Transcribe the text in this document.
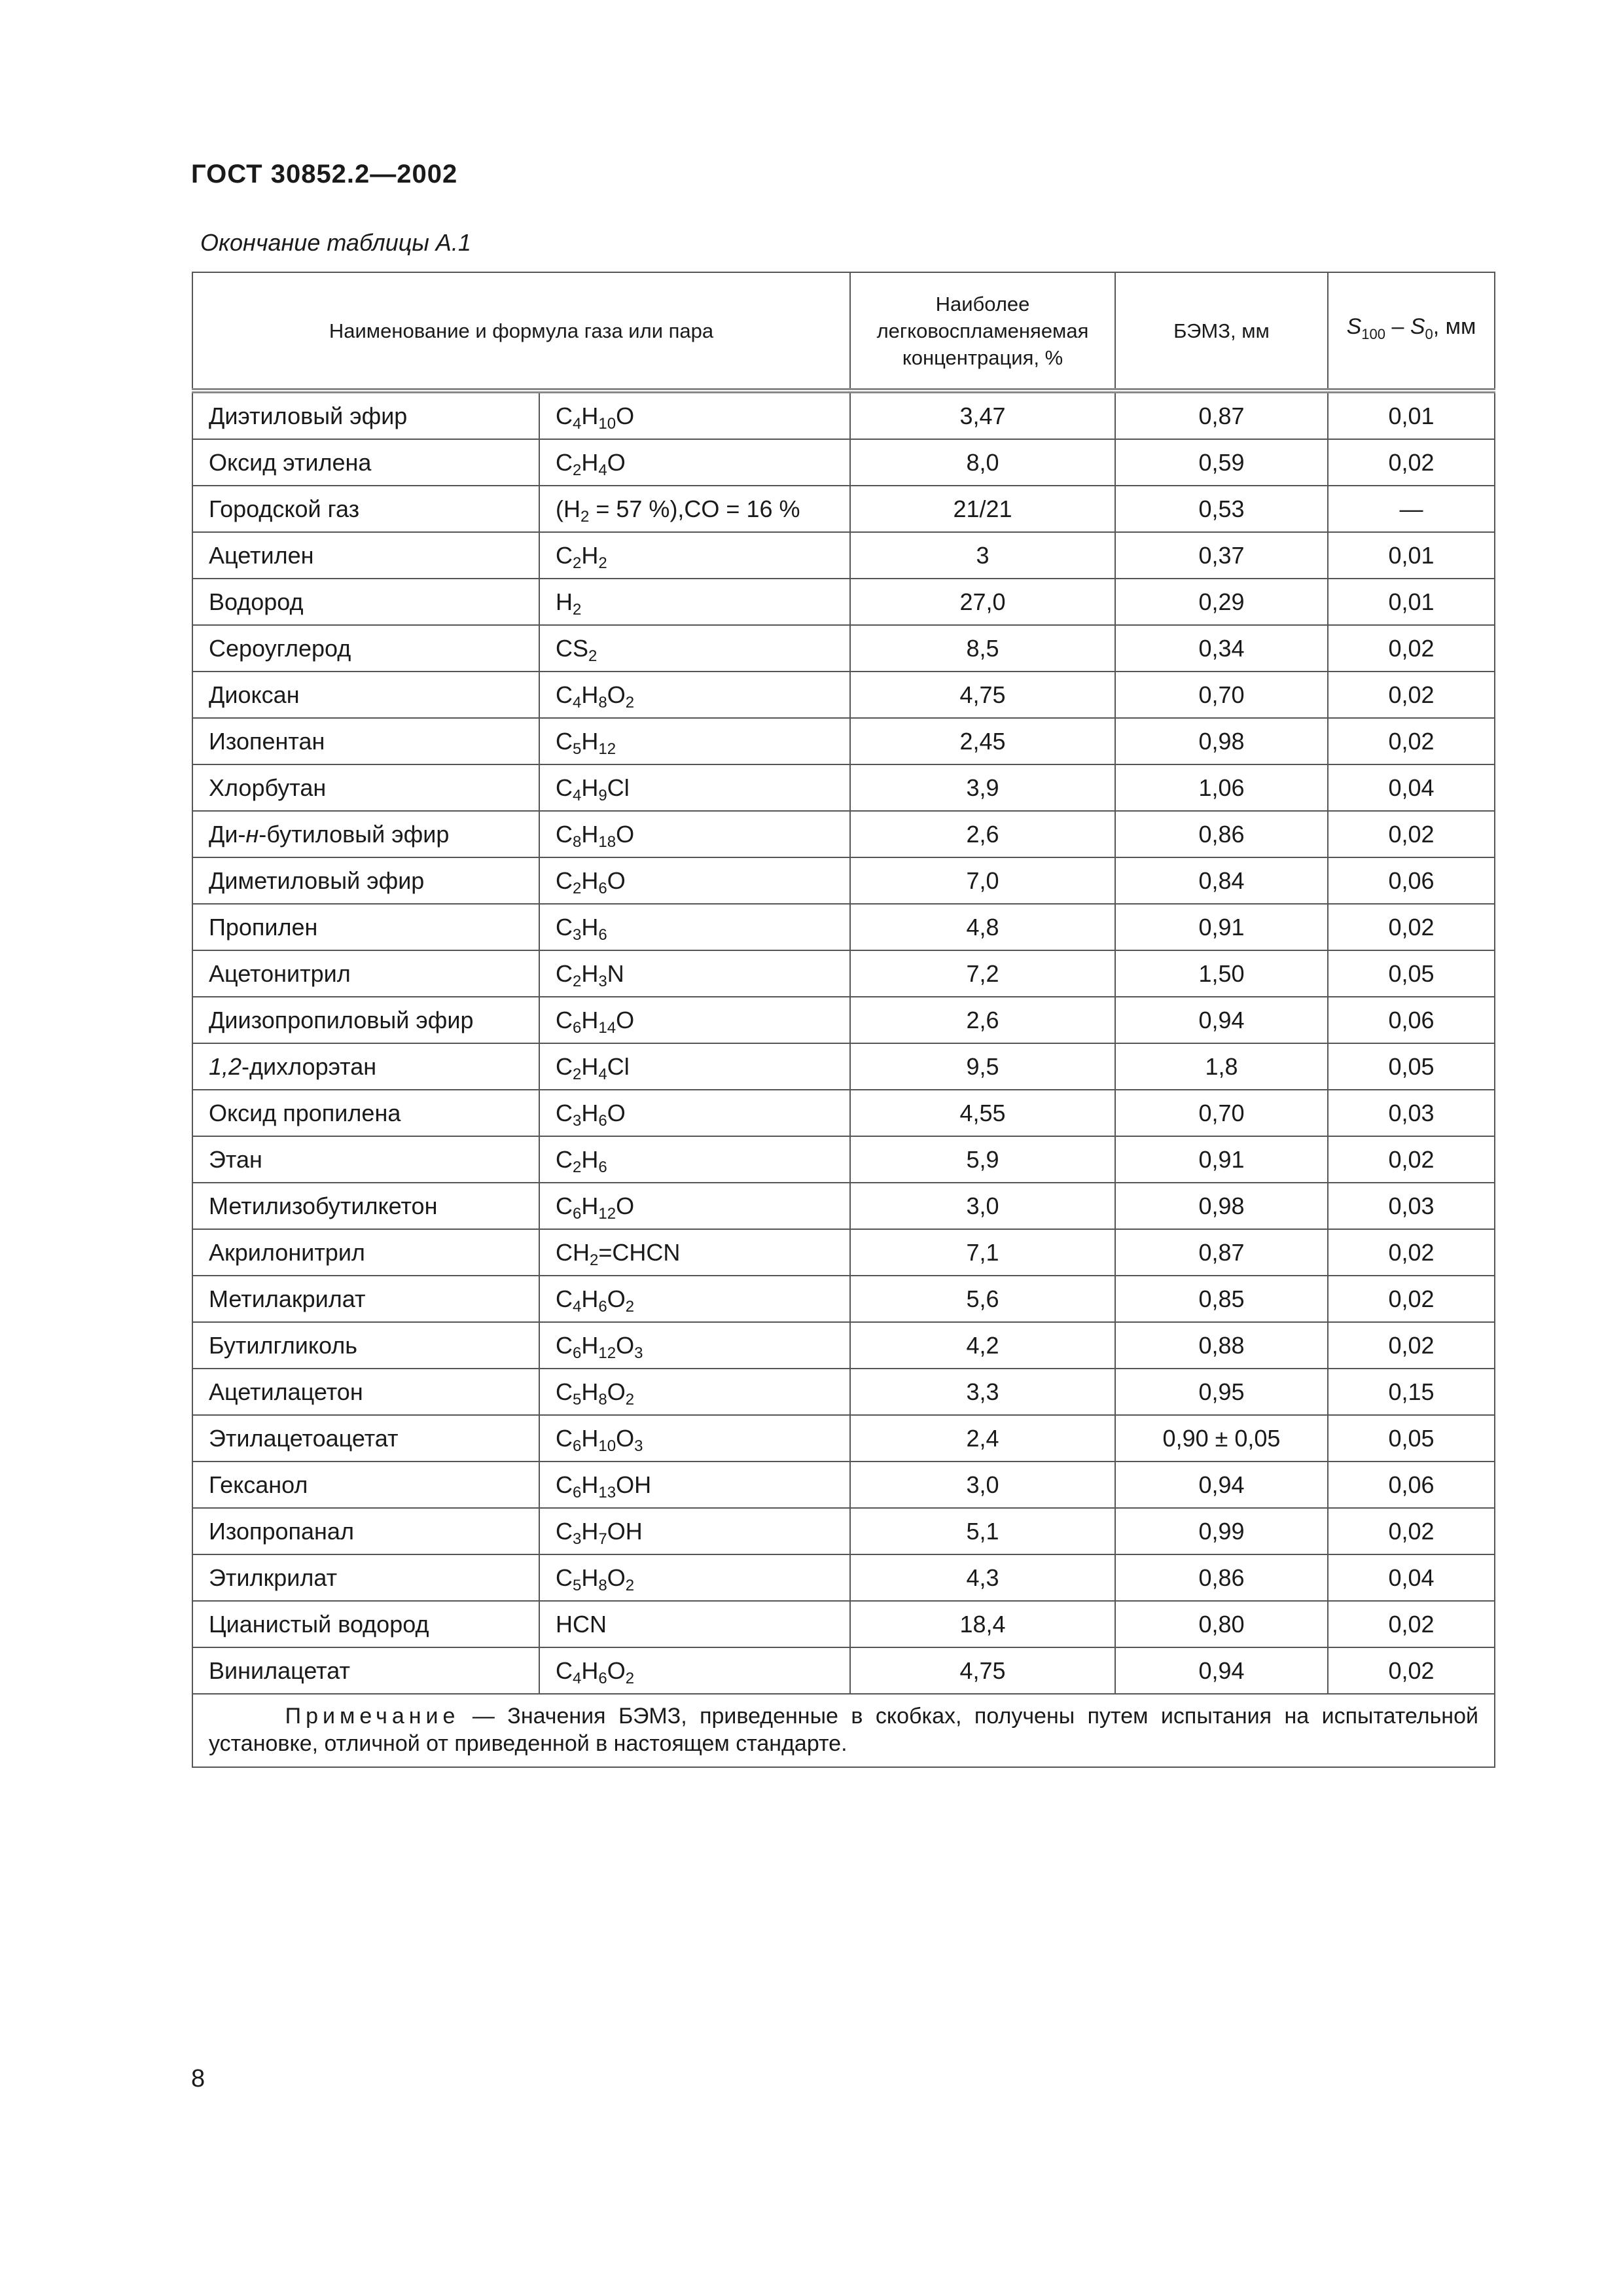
ГОСТ 30852.2—2002
Окончание таблицы А.1
Наименование и формула газа или пара		Наиболее легковоспламеняемая концентрация, %	БЭМЗ, мм	$S_{100} - S_0$, мм
Диэтиловый эфир	$C_4H_{10}O$	3,47	0,87	0,01
Оксид этилена	$C_2H_4O$	8,0	0,59	0,02
Городской газ	($H_2 = 57$ %),CO = 16 %	21/21	0,53	—
Ацетилен	$C_2H_2$	3	0,37	0,01
Водород	$H_2$	27,0	0,29	0,01
Сероуглерод	$CS_2$	8,5	0,34	0,02
Диоксан	$C_4H_8O_2$	4,75	0,70	0,02
Изопентан	$C_5H_{12}$	2,45	0,98	0,02
Хлорбутан	$C_4H_9Cl$	3,9	1,06	0,04
Ди-н-бутиловый эфир	$C_8H_{18}O$	2,6	0,86	0,02
Диметиловый эфир	$C_2H_6O$	7,0	0,84	0,06
Пропилен	$C_3H_6$	4,8	0,91	0,02
Ацетонитрил	$C_2H_3N$	7,2	1,50	0,05
Диизопропиловый эфир	$C_6H_{14}O$	2,6	0,94	0,06
1,2-дихлорэтан	$C_2H_4Cl$	9,5	1,8	0,05
Оксид пропилена	$C_3H_6O$	4,55	0,70	0,03
Этан	$C_2H_6$	5,9	0,91	0,02
Метилизобутилкетон	$C_6H_{12}O$	3,0	0,98	0,03
Акрилонитрил	$CH_2=CHCN$	7,1	0,87	0,02
Метилакрилат	$C_4H_6O_2$	5,6	0,85	0,02
Бутилгликоль	$C_6H_{12}O_3$	4,2	0,88	0,02
Ацетилацетон	$C_5H_8O_2$	3,3	0,95	0,15
Этилацетоацетат	$C_6H_{10}O_3$	2,4	0,90 ± 0,05	0,05
Гексанол	$C_6H_{13}OH$	3,0	0,94	0,06
Изопропанал	$C_3H_7OH$	5,1	0,99	0,02
Этилкрилат	$C_5H_8O_2$	4,3	0,86	0,04
Цианистый водород	HCN	18,4	0,80	0,02
Винилацетат	$C_4H_6O_2$	4,75	0,94	0,02
Примечание — Значения БЭМЗ, приведенные в скобках, получены путем испытания на испытательной установке, отличной от приведенной в настоящем стандарте.				
8
